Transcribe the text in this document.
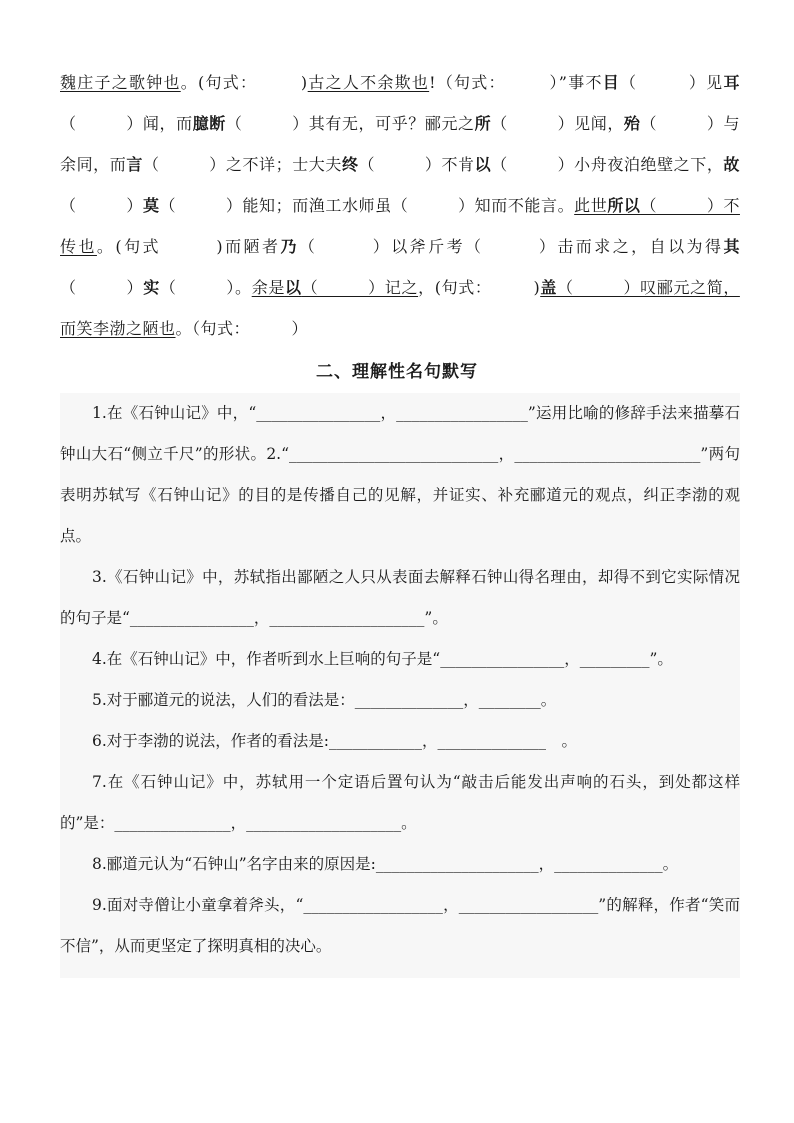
魏庄子之歌钟也。(句式：　　　)古之人不余欺也!（句式：　　　）”事不目（　　　）见耳（　　　）闻，而臆断（　　　）其有无，可乎？郦元之所（　　　）见闻，殆（　　　）与余同，而言（　　　）之不详；士大夫终（　　　）不肯以（　　　）小舟夜泊绝壁之下，故（　　　）莫（　　　）能知；而渔工水师虽（　　　）知而不能言。此世所以（　　　）不传也。(句式　　　)而陋者乃（　　　）以斧斤考（　　　）击而求之，自以为得其（　　　）实（　　　）。余是以（　　　）记之，(句式：　　　)盖（　　　）叹郦元之简，而笑李渤之陋也。（句式：　　　）
二、理解性名句默写

1.在《石钟山记》中，“________________，_________________”运用比喻的修辞手法来描摹石钟山大石“侧立千尺”的形状。2.“___________________________，________________________”两句表明苏轼写《石钟山记》的目的是传播自己的见解，并证实、补充郦道元的观点，纠正李渤的观点。

3.《石钟山记》中，苏轼指出鄙陋之人只从表面去解释石钟山得名理由，却得不到它实际情况的句子是“________________，____________________”。

4.在《石钟山记》中，作者听到水上巨响的句子是“________________，_________”。

5.对于郦道元的说法，人们的看法是：______________，________。

6.对于李渤的说法，作者的看法是:____________，______________　。

7.在《石钟山记》中，苏轼用一个定语后置句认为“敲击后能发出声响的石头，到处都这样的”是：_______________，____________________。

8.郦道元认为“石钟山”名字由来的原因是:_____________________，______________。

9.面对寺僧让小童拿着斧头，“__________________，__________________”的解释，作者“笑而不信”，从而更坚定了探明真相的决心。
